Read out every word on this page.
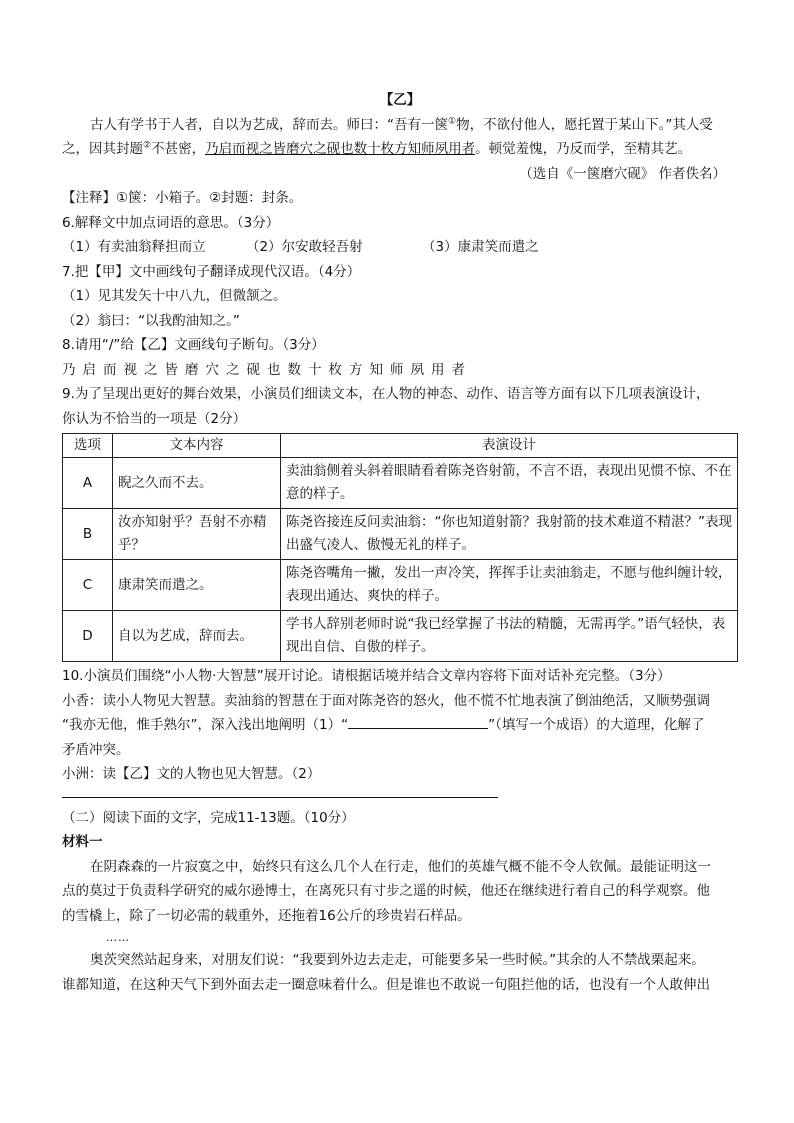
【乙】

古人有学书于人者，自以为艺成，辞而去。师曰：“吾有一箧①物，不欲付他人，愿托置于某山下。”其人受

之，因其封题②不甚密，乃启而视之皆磨穴之砚也数十枚方知师夙用者。顿觉羞愧，乃反而学，至精其艺。

（选自《一箧磨穴砚》 作者佚名）

【注释】①箧：小箱子。②封题：封条。

6.解释文中加点词语的意思。（3分）

（1）有卖油翁释担而立	（2）尔安敢轻吾射	（3）康肃笑而遣之

7.把【甲】文中画线句子翻译成现代汉语。（4分）

（1）见其发矢十中八九，但微颔之。

（2）翁曰：“以我酌油知之。”

8.请用“/”给【乙】文画线句子断句。（3分）

乃启而视之皆磨穴之砚也数十枚方知师夙用者

9.为了呈现出更好的舞台效果，小演员们细读文本，在人物的神态、动作、语言等方面有以下几项表演设计，

你认为不恰当的一项是（2分）

选项	文本内容	表演设计
A	睨之久而不去。	卖油翁侧着头斜着眼睛看着陈尧咨射箭，不言不语，表现出见惯不惊、不在意的样子。
B	汝亦知射乎？吾射不亦精乎？	陈尧咨接连反问卖油翁：“你也知道射箭？我射箭的技术难道不精湛？”表现出盛气凌人、傲慢无礼的样子。
C	康肃笑而遣之。	陈尧咨嘴角一撇，发出一声冷笑，挥挥手让卖油翁走，不愿与他纠缠计较，表现出通达、爽快的样子。
D	自以为艺成，辞而去。	学书人辞别老师时说“我已经掌握了书法的精髓，无需再学。”语气轻快，表现出自信、自傲的样子。

10.小演员们围绕“小人物·大智慧”展开讨论。请根据话境并结合文章内容将下面对话补充完整。（3分）

小香：读小人物见大智慧。卖油翁的智慧在于面对陈尧咨的怒火，他不慌不忙地表演了倒油绝活，又顺势强调

“我亦无他，惟手熟尔”，深入浅出地阐明（1）“	”（填写一个成语）的大道理，化解了

矛盾冲突。

小洲：读【乙】文的人物也见大智慧。（2）

（二）阅读下面的文字，完成11-13题。（10分）

材料一

在阴森森的一片寂寞之中，始终只有这么几个人在行走，他们的英雄气概不能不令人钦佩。最能证明这一

点的莫过于负责科学研究的威尔逊博士，在离死只有寸步之遥的时候，他还在继续进行着自己的科学观察。他

的雪橇上，除了一切必需的载重外，还拖着16公斤的珍贵岩石样品。

……

奥茨突然站起身来，对朋友们说：“我要到外边去走走，可能要多呆一些时候。”其余的人不禁战栗起来。

谁都知道，在这种天气下到外面去走一圈意味着什么。但是谁也不敢说一句阻拦他的话，也没有一个人敢伸出
